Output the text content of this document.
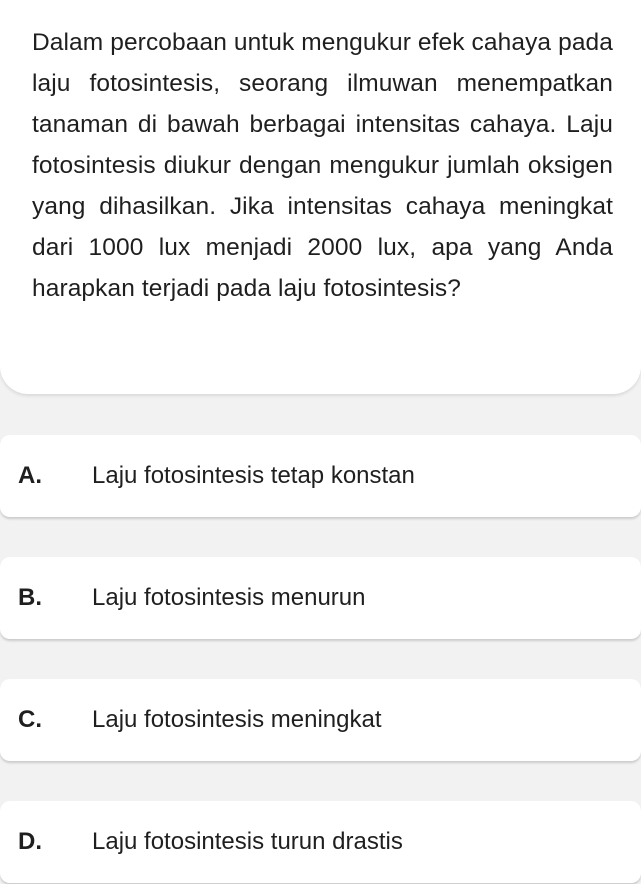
Dalam percobaan untuk mengukur efek cahaya pada laju fotosintesis, seorang ilmuwan menempatkan tanaman di bawah berbagai intensitas cahaya. Laju fotosintesis diukur dengan mengukur jumlah oksigen yang dihasilkan. Jika intensitas cahaya meningkat dari 1000 lux menjadi 2000 lux, apa yang Anda harapkan terjadi pada laju fotosintesis?

A. Laju fotosintesis tetap konstan
B. Laju fotosintesis menurun
C. Laju fotosintesis meningkat
D. Laju fotosintesis turun drastis
